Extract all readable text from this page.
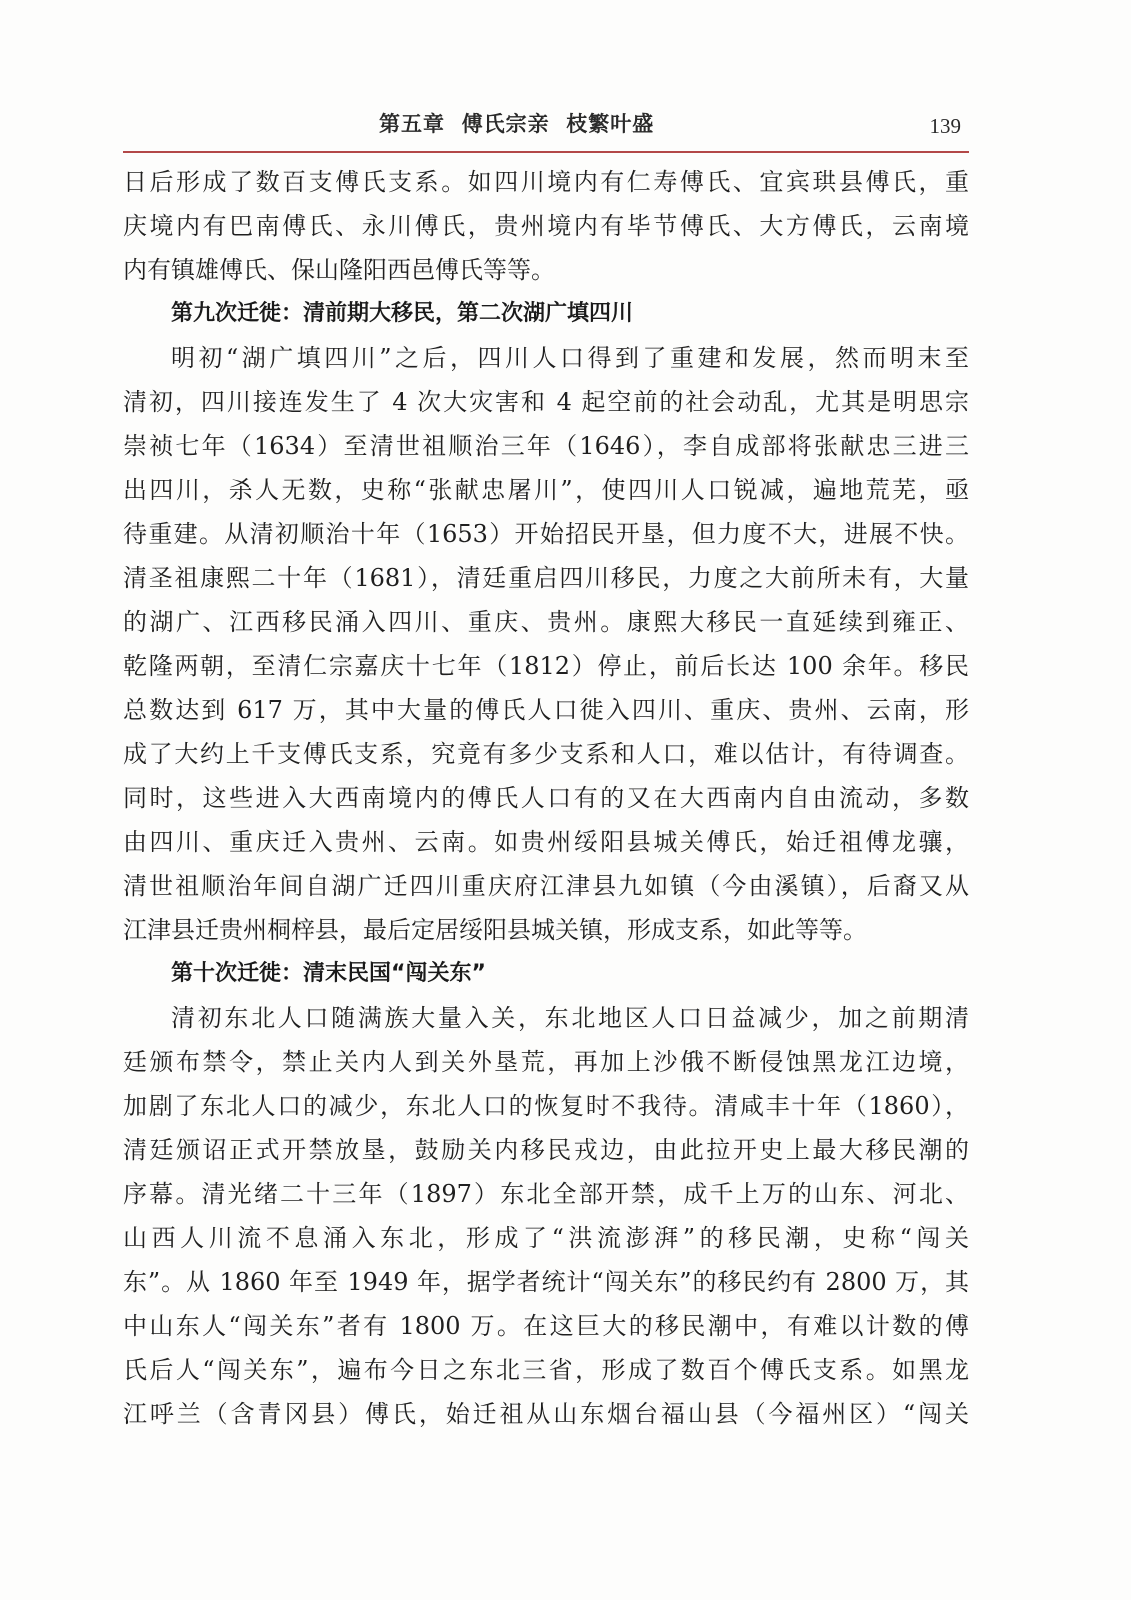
第五章  傅氏宗亲  枝繁叶盛	139
日后形成了数百支傅氏支系。如四川境内有仁寿傅氏、宜宾珙县傅氏，重
庆境内有巴南傅氏、永川傅氏，贵州境内有毕节傅氏、大方傅氏，云南境
内有镇雄傅氏、保山隆阳西邑傅氏等等。
第九次迁徙：清前期大移民，第二次湖广填四川
明初“湖广填四川”之后，四川人口得到了重建和发展，然而明末至
清初，四川接连发生了 4 次大灾害和 4 起空前的社会动乱，尤其是明思宗
崇祯七年（1634）至清世祖顺治三年（1646），李自成部将张献忠三进三
出四川，杀人无数，史称“张献忠屠川”，使四川人口锐减，遍地荒芜，亟
待重建。从清初顺治十年（1653）开始招民开垦，但力度不大，进展不快。
清圣祖康熙二十年（1681），清廷重启四川移民，力度之大前所未有，大量
的湖广、江西移民涌入四川、重庆、贵州。康熙大移民一直延续到雍正、
乾隆两朝，至清仁宗嘉庆十七年（1812）停止，前后长达 100 余年。移民
总数达到 617 万，其中大量的傅氏人口徙入四川、重庆、贵州、云南，形
成了大约上千支傅氏支系，究竟有多少支系和人口，难以估计，有待调查。
同时，这些进入大西南境内的傅氏人口有的又在大西南内自由流动，多数
由四川、重庆迁入贵州、云南。如贵州绥阳县城关傅氏，始迁祖傅龙骧，
清世祖顺治年间自湖广迁四川重庆府江津县九如镇（今由溪镇），后裔又从
江津县迁贵州桐梓县，最后定居绥阳县城关镇，形成支系，如此等等。
第十次迁徙：清末民国“闯关东”
清初东北人口随满族大量入关，东北地区人口日益减少，加之前期清
廷颁布禁令，禁止关内人到关外垦荒，再加上沙俄不断侵蚀黑龙江边境，
加剧了东北人口的减少，东北人口的恢复时不我待。清咸丰十年（1860），
清廷颁诏正式开禁放垦，鼓励关内移民戎边，由此拉开史上最大移民潮的
序幕。清光绪二十三年（1897）东北全部开禁，成千上万的山东、河北、
山西人川流不息涌入东北，形成了“洪流澎湃”的移民潮，史称“闯关
东”。从 1860 年至 1949 年，据学者统计“闯关东”的移民约有 2800 万，其
中山东人“闯关东”者有 1800 万。在这巨大的移民潮中，有难以计数的傅
氏后人“闯关东”，遍布今日之东北三省，形成了数百个傅氏支系。如黑龙
江呼兰（含青冈县）傅氏，始迁祖从山东烟台福山县（今福州区）“闯关
